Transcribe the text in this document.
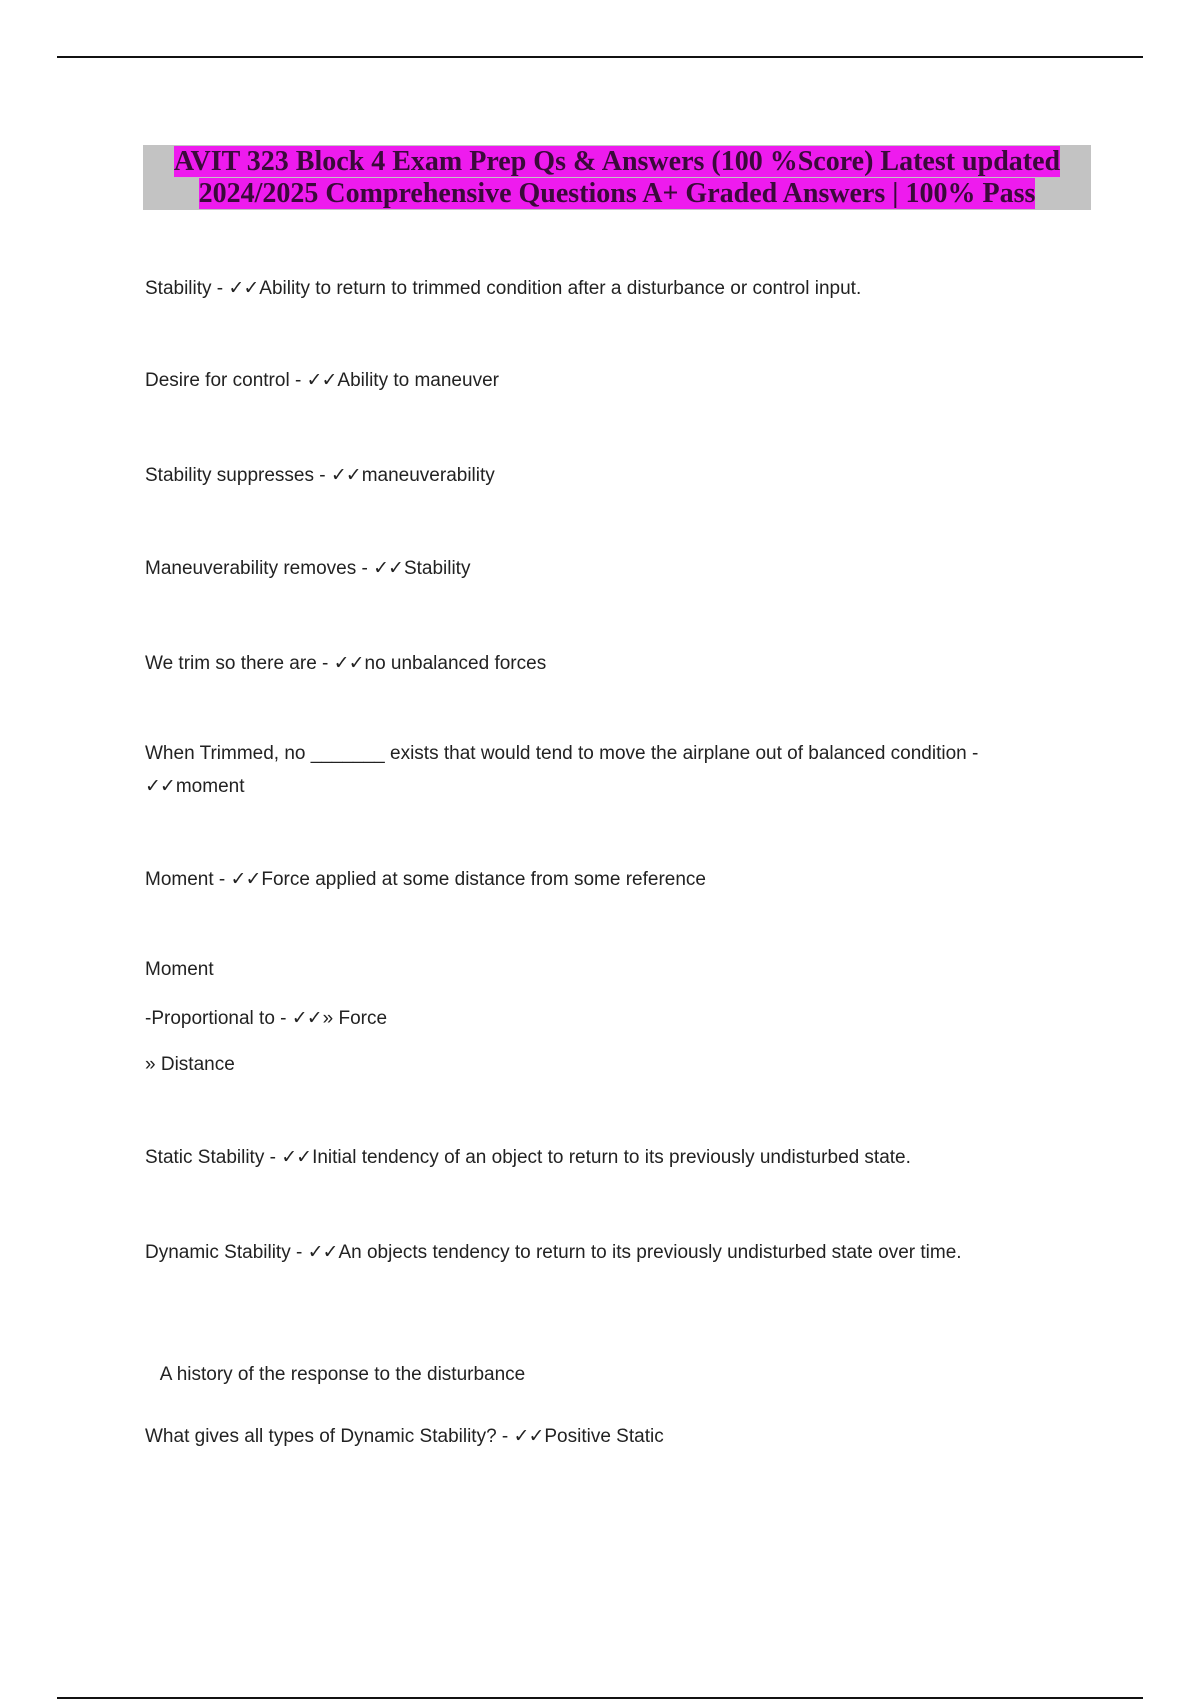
AVIT 323 Block 4 Exam Prep Qs & Answers (100 %Score) Latest updated
2024/2025 Comprehensive Questions A+ Graded Answers | 100% Pass
Stability - ✓✓Ability to return to trimmed condition after a disturbance or control input.
Desire for control - ✓✓Ability to maneuver
Stability suppresses - ✓✓maneuverability
Maneuverability removes - ✓✓Stability
We trim so there are - ✓✓no unbalanced forces
When Trimmed, no _______ exists that would tend to move the airplane out of balanced condition -
✓✓moment
Moment - ✓✓Force applied at some distance from some reference
Moment
-Proportional to - ✓✓» Force
» Distance
Static Stability - ✓✓Initial tendency of an object to return to its previously undisturbed state.
Dynamic Stability - ✓✓An objects tendency to return to its previously undisturbed state over time.

A history of the response to the disturbance

What gives all types of Dynamic Stability? - ✓✓Positive Static
